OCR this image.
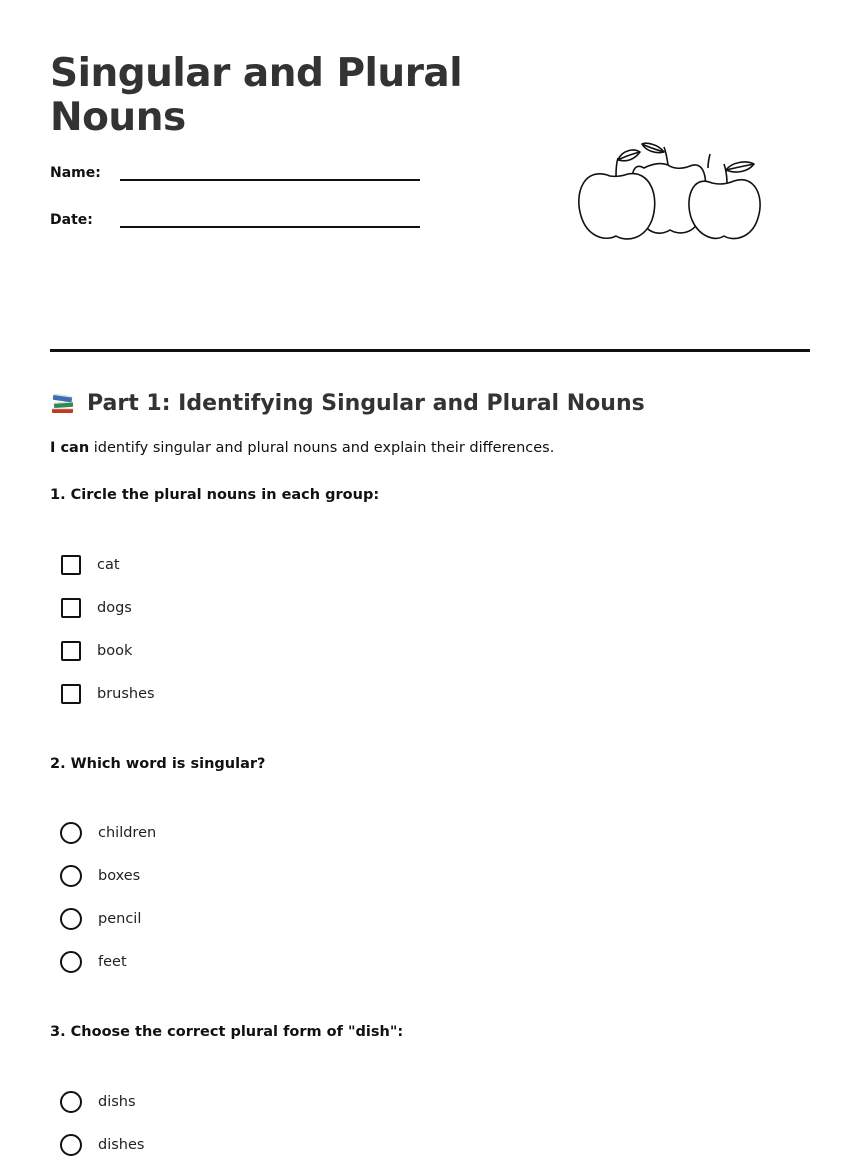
Singular and Plural Nouns
Name:
Date:
Part 1: Identifying Singular and Plural Nouns
I can identify singular and plural nouns and explain their differences.
1. Circle the plural nouns in each group:
cat
dogs
book
brushes
2. Which word is singular?
children
boxes
pencil
feet
3. Choose the correct plural form of "dish":
dishs
dishes
